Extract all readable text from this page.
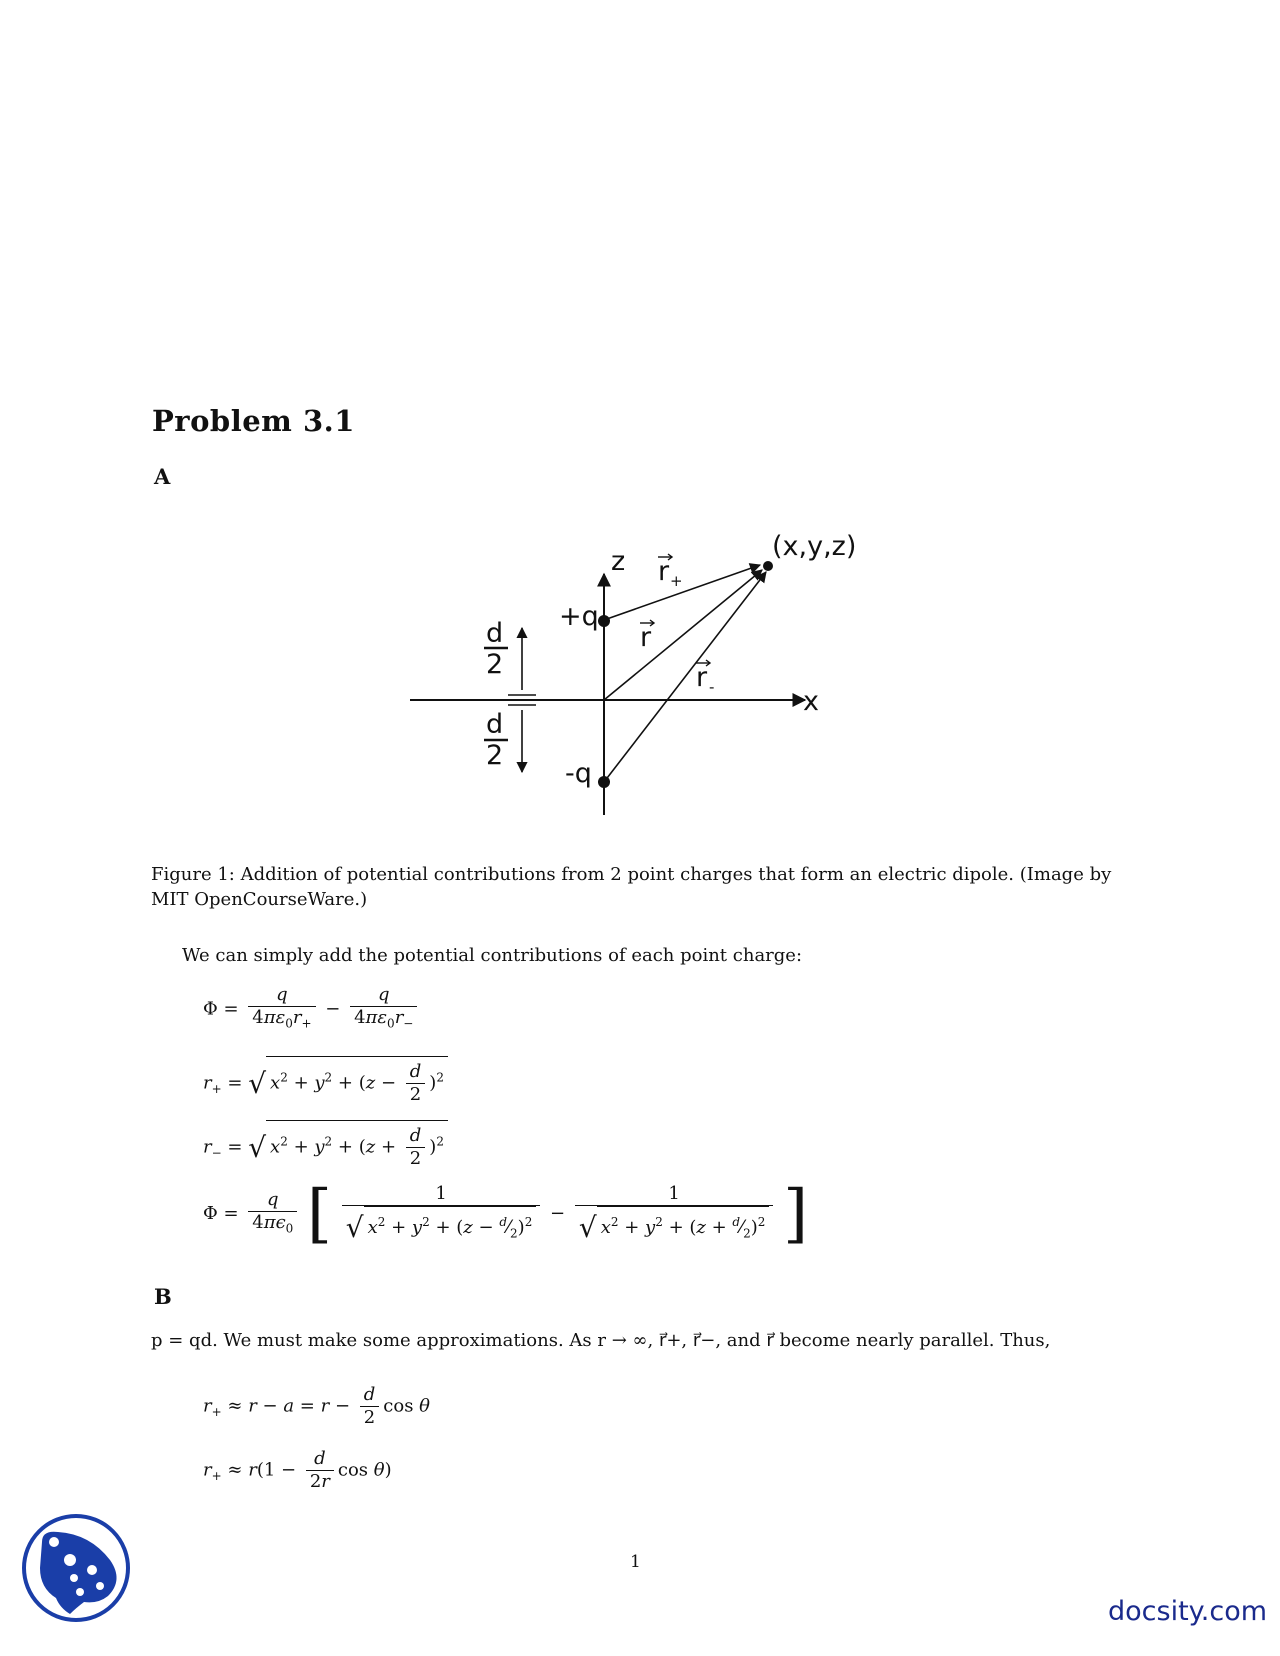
Problem 3.1
A
d
2
d
2
z
x
(x,y,z)
+q
-q
r
r
r
+
-
Figure 1: Addition of potential contributions from 2 point charges that form an electric dipole. (Image by MIT OpenCourseWare.)
We can simply add the potential contributions of each point charge:
$\Phi = \frac{q}{4\pi\varepsilon_0r_+} - \frac{q}{4\pi\varepsilon_0r_-}$
$r_+$ = √ $x^2 + y^2 + (z - \frac{d}{2} )^2$
$r_-$ = √ $x^2 + y^2 + (z + \frac{d}{2} )^2$
$\Phi = \frac{q}{4\pi\epsilon_0}$ [ $\frac{1}{√ x^2 + y^2 + (z - ^d⁄_2)^2} - \frac{1}{√ x^2 + y^2 + (z + ^d⁄_2)^2}$ ]
B
p = qd. We must make some approximations. As r → ∞, r⃗+, r⃗−, and r⃗ become nearly parallel. Thus,
$r_+ \approx r - a = r - \frac{d}{2}$ cos θ
$r_+ \approx r(1 - \frac{d}{2r}$ cos θ)
1
docsity.com
